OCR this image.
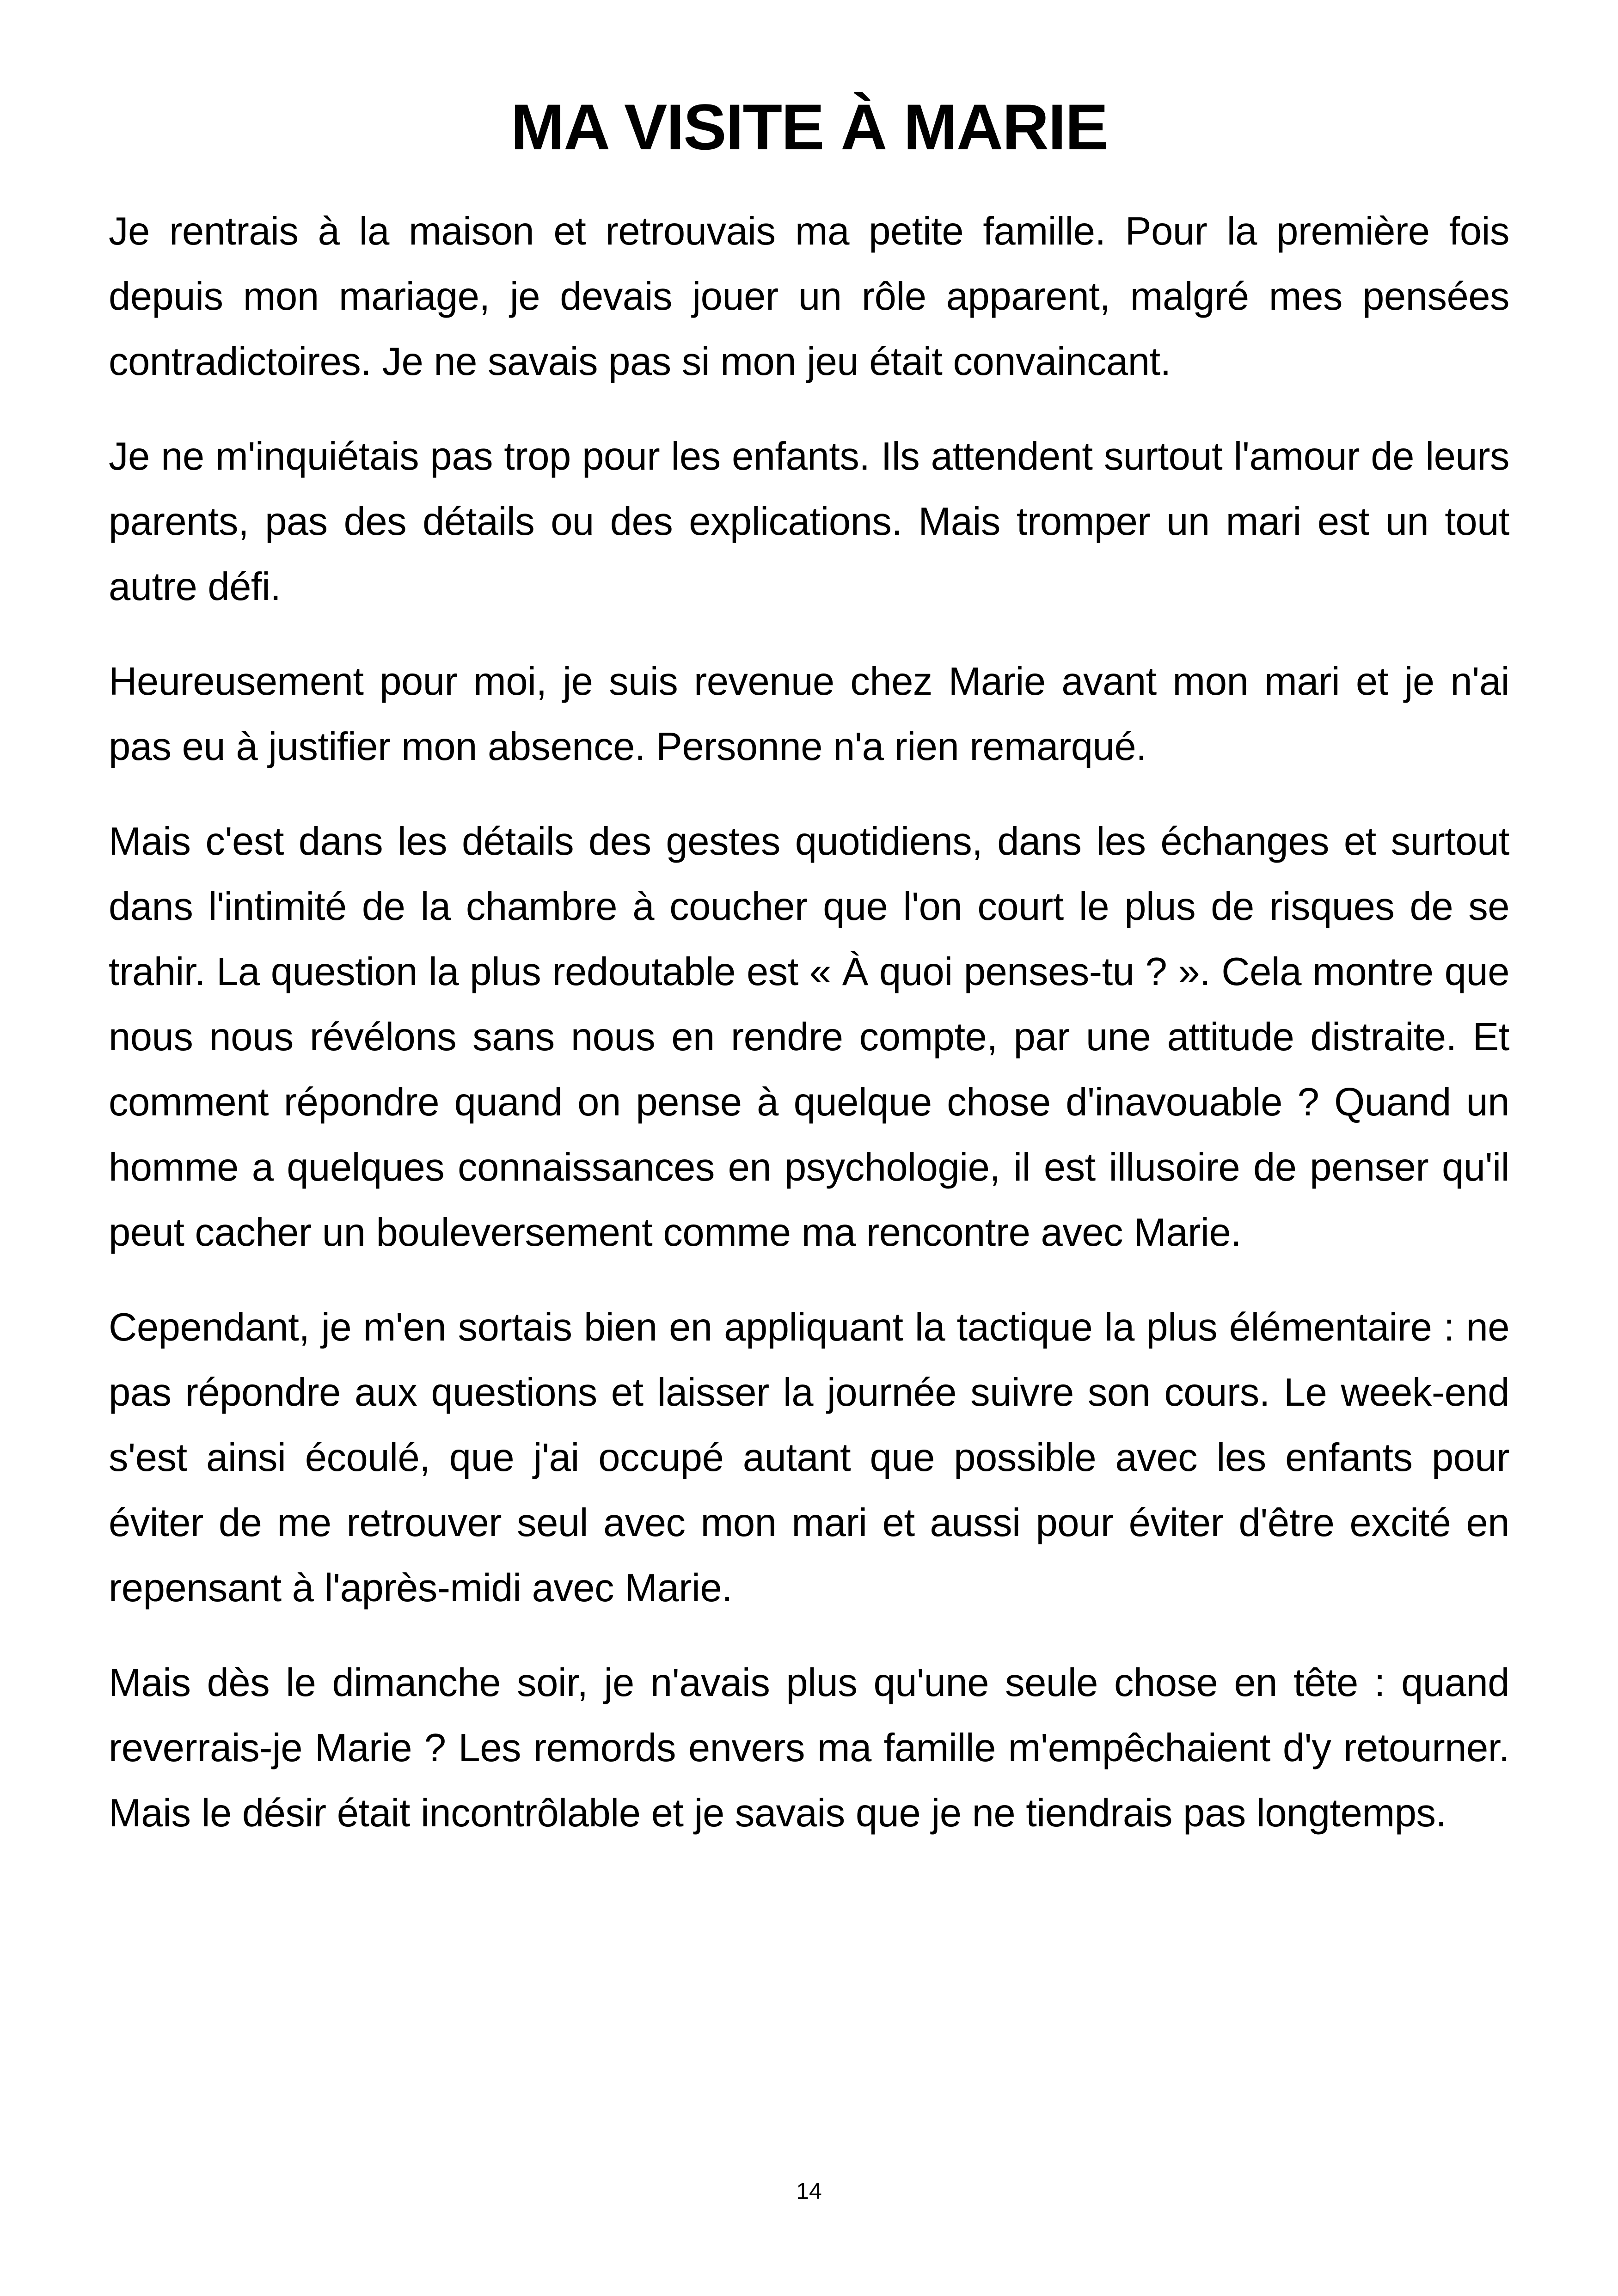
MA VISITE À MARIE

Je rentrais à la maison et retrouvais ma petite famille. Pour la première fois depuis mon mariage, je devais jouer un rôle apparent, malgré mes pensées contradictoires. Je ne savais pas si mon jeu était convaincant.

Je ne m'inquiétais pas trop pour les enfants. Ils attendent surtout l'amour de leurs parents, pas des détails ou des explications. Mais tromper un mari est un tout autre défi.

Heureusement pour moi, je suis revenue chez Marie avant mon mari et je n'ai pas eu à justifier mon absence. Personne n'a rien remarqué.

Mais c'est dans les détails des gestes quotidiens, dans les échanges et surtout dans l'intimité de la chambre à coucher que l'on court le plus de risques de se trahir. La question la plus redoutable est « À quoi penses-tu ? ». Cela montre que nous nous révélons sans nous en rendre compte, par une attitude distraite. Et comment répondre quand on pense à quelque chose d'inavouable ? Quand un homme a quelques connaissances en psychologie, il est illusoire de penser qu'il peut cacher un bouleversement comme ma rencontre avec Marie.

Cependant, je m'en sortais bien en appliquant la tactique la plus élémentaire : ne pas répondre aux questions et laisser la journée suivre son cours. Le week-end s'est ainsi écoulé, que j'ai occupé autant que possible avec les enfants pour éviter de me retrouver seul avec mon mari et aussi pour éviter d'être excité en repensant à l'après-midi avec Marie.

Mais dès le dimanche soir, je n'avais plus qu'une seule chose en tête : quand reverrais-je Marie ? Les remords envers ma famille m'empêchaient d'y retourner. Mais le désir était incontrôlable et je savais que je ne tiendrais pas longtemps.

14
